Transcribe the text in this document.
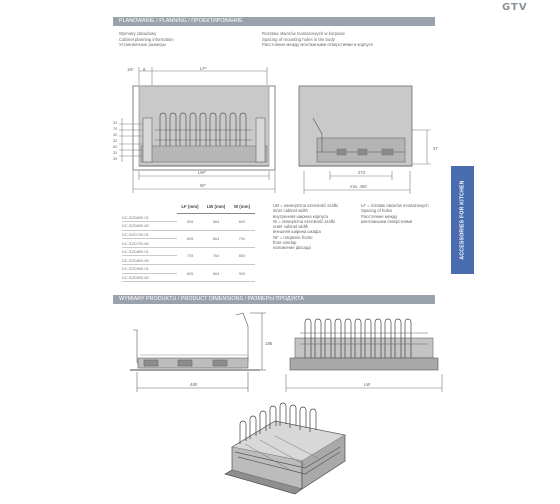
GTV
PLANOWANIE / PLANNING / ПРОЕКТИРОВАНИЕ
Wymiary zabudowy
Cabinet planning information
Установочные размеры
Rozstaw otworów montażowych w korpusie
Spacing of mounting holes in the body
Расстояние между монтажными отверстиями в корпусе
16* 8	LF*
LW*
W*
32
70
32
32
62
32
29
272
min. 450
37
	LF (mm)	LW (mm)	W (mm)
DC-SZD600-01	505	564	600
DC-SZD600-60			
DC-SZD700-01	605	664	700
DC-SZD700-60			
DC-SZD800-01	705	764	800
DC-SZD800-60			
DC-SZD900-01	805	864	900
DC-SZD900-60			
LW = wewnętrzna szerokość szafki
inner cabinet width
внутренняя ширина корпуса
W = zewnętrzna szerokość szafki
outer cabinet width
внешняя ширина шкафа
NF = rotojtenie frontu
front overlap
наложение фасада
LF = rozstaw otworów montażowych
Spacing of holes
Расстояние между
монтажными отверстиями	ACCESSORIES FOR KITCHEN
WYMIARY PRODUKTU / PRODUCT DIMENSIONS / РАЗМЕРЫ ПРОДУКТА
480
185
LW
